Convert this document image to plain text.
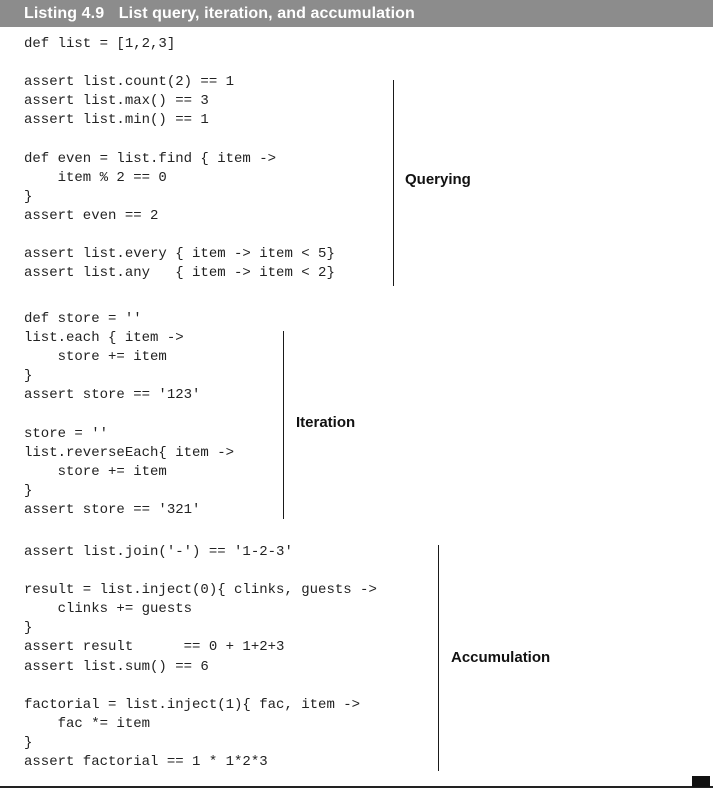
Listing 4.9 List query, iteration, and accumulation
def list = [1,2,3]

assert list.count(2) == 1
assert list.max() == 3
assert list.min() == 1

def even = list.find { item ->
item % 2 == 0
}
assert even == 2

assert list.every { item -> item < 5}
assert list.any   { item -> item < 2}
Querying
def store = ''
list.each { item ->
store += item
}
assert store == '123'

store = ''
list.reverseEach{ item ->
store += item
}
assert store == '321'
Iteration
assert list.join('-') == '1-2-3'

result = list.inject(0){ clinks, guests ->
clinks += guests
}
assert result      == 0 + 1+2+3
assert list.sum() == 6

factorial = list.inject(1){ fac, item ->
fac *= item
}
assert factorial == 1 * 1*2*3
Accumulation
